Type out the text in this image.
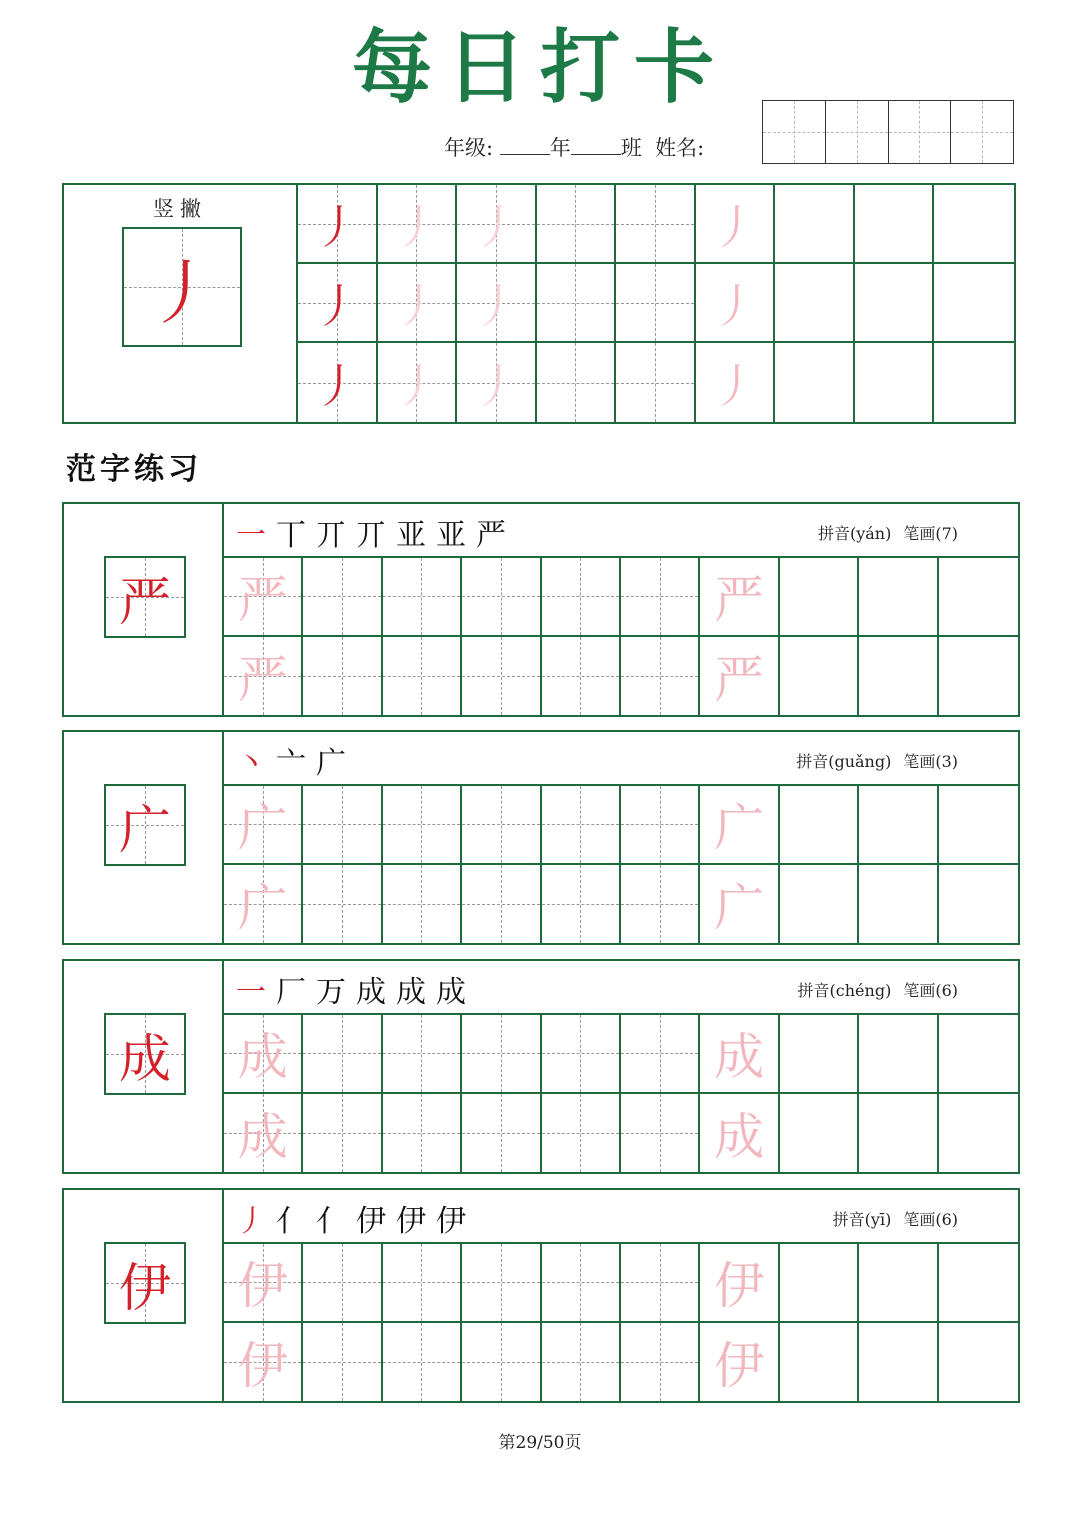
每日打卡
年级:	年 班 姓名:
竖撇
丿
丿 丿 丿	丿
丿 丿 丿	丿
丿 丿 丿	丿
范字练习
严
一 丅 丌 丌 亚 亚 严	拼音(yán) 笔画(7)
严	严
严	严
广
丶 亠 广	拼音(guǎng) 笔画(3)
广	广
广	广
成
一 厂 万 成 成 成	拼音(chéng) 笔画(6)
成	成
成	成
伊
丿 亻 亻 伊 伊 伊	拼音(yī) 笔画(6)
伊	伊
伊	伊
第29/50页
